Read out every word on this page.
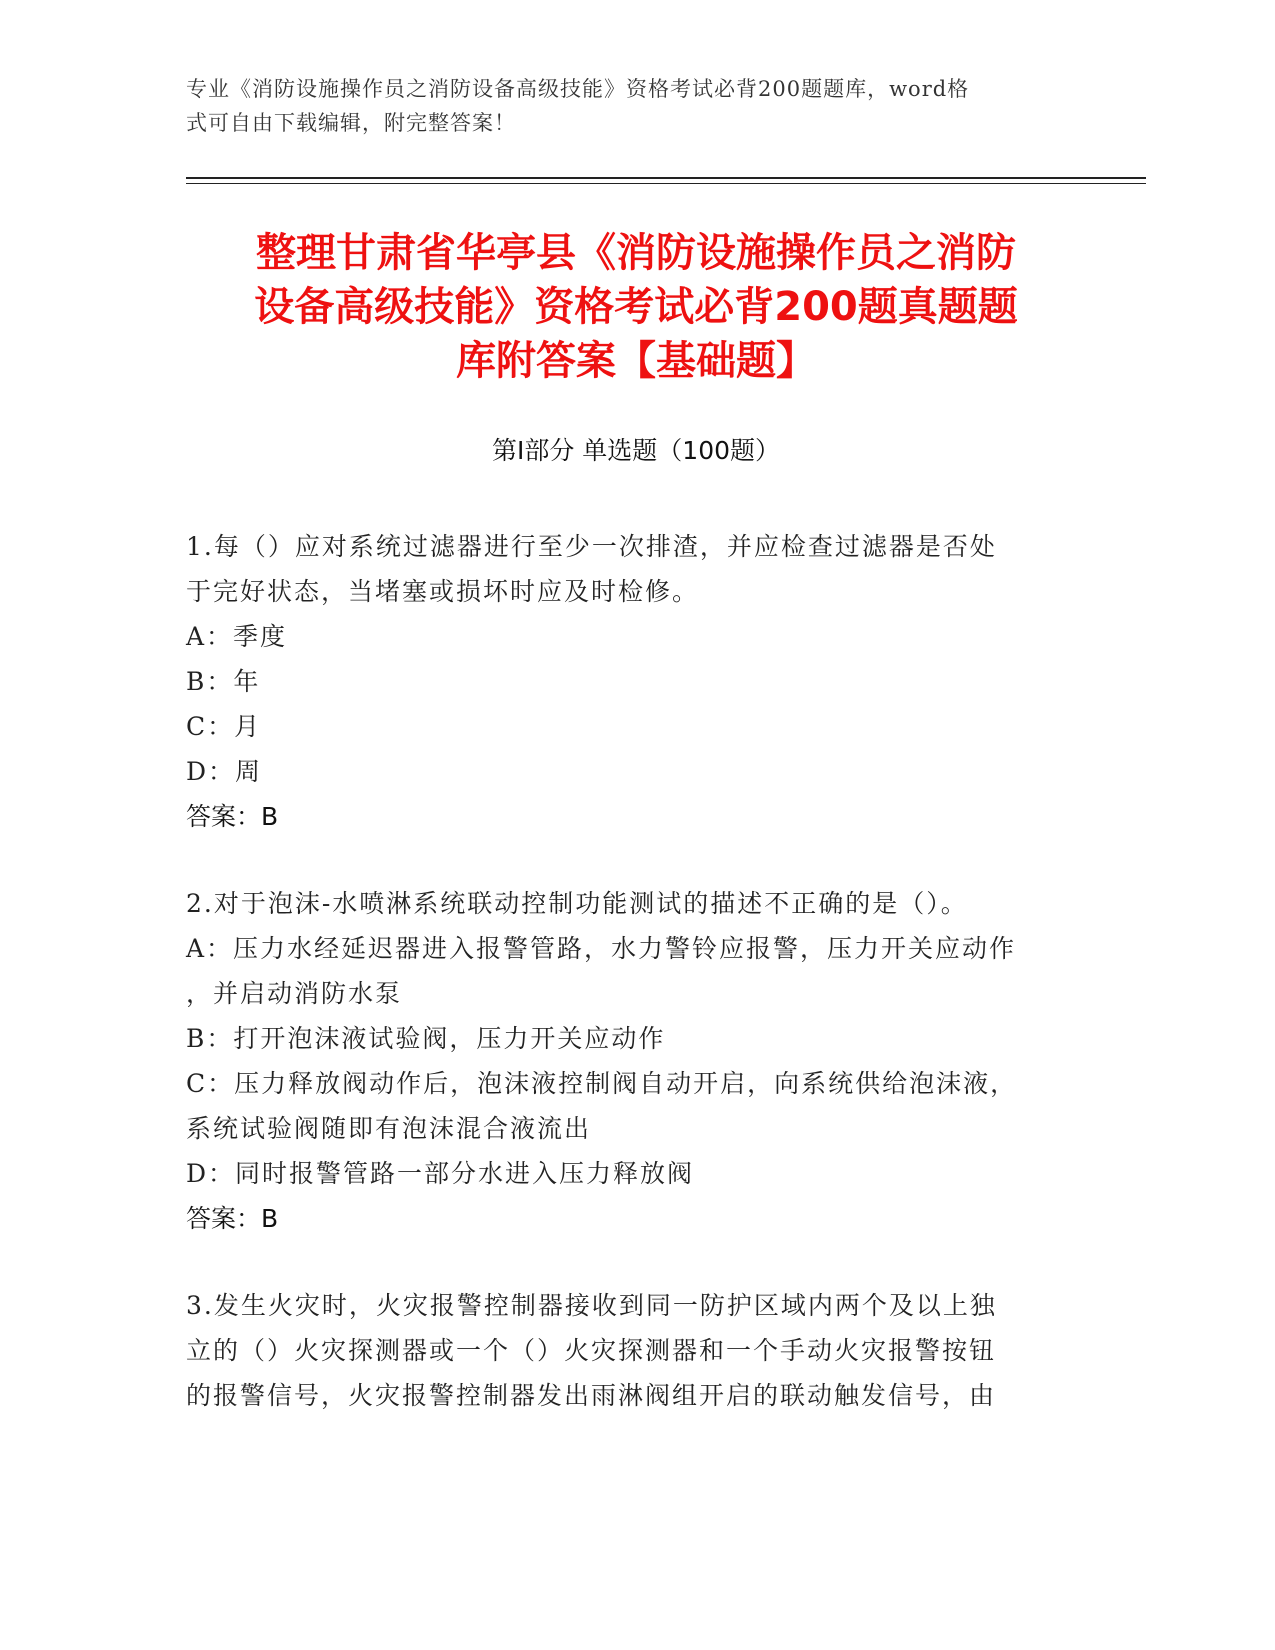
专业《消防设施操作员之消防设备高级技能》资格考试必背200题题库，word格
式可自由下载编辑，附完整答案！
整理甘肃省华亭县《消防设施操作员之消防
设备高级技能》资格考试必背200题真题题
库附答案【基础题】
第I部分 单选题（100题）

1.每（）应对系统过滤器进行至少一次排渣，并应检查过滤器是否处

于完好状态，当堵塞或损坏时应及时检修。

A：季度

B：年

C：月

D：周

答案：B

2.对于泡沫-水喷淋系统联动控制功能测试的描述不正确的是（）。

A：压力水经延迟器进入报警管路，水力警铃应报警，压力开关应动作

，并启动消防水泵

B：打开泡沫液试验阀，压力开关应动作

C：压力释放阀动作后，泡沫液控制阀自动开启，向系统供给泡沫液，

系统试验阀随即有泡沫混合液流出

D：同时报警管路一部分水进入压力释放阀

答案：B

3.发生火灾时，火灾报警控制器接收到同一防护区域内两个及以上独

立的（）火灾探测器或一个（）火灾探测器和一个手动火灾报警按钮

的报警信号，火灾报警控制器发出雨淋阀组开启的联动触发信号，由
